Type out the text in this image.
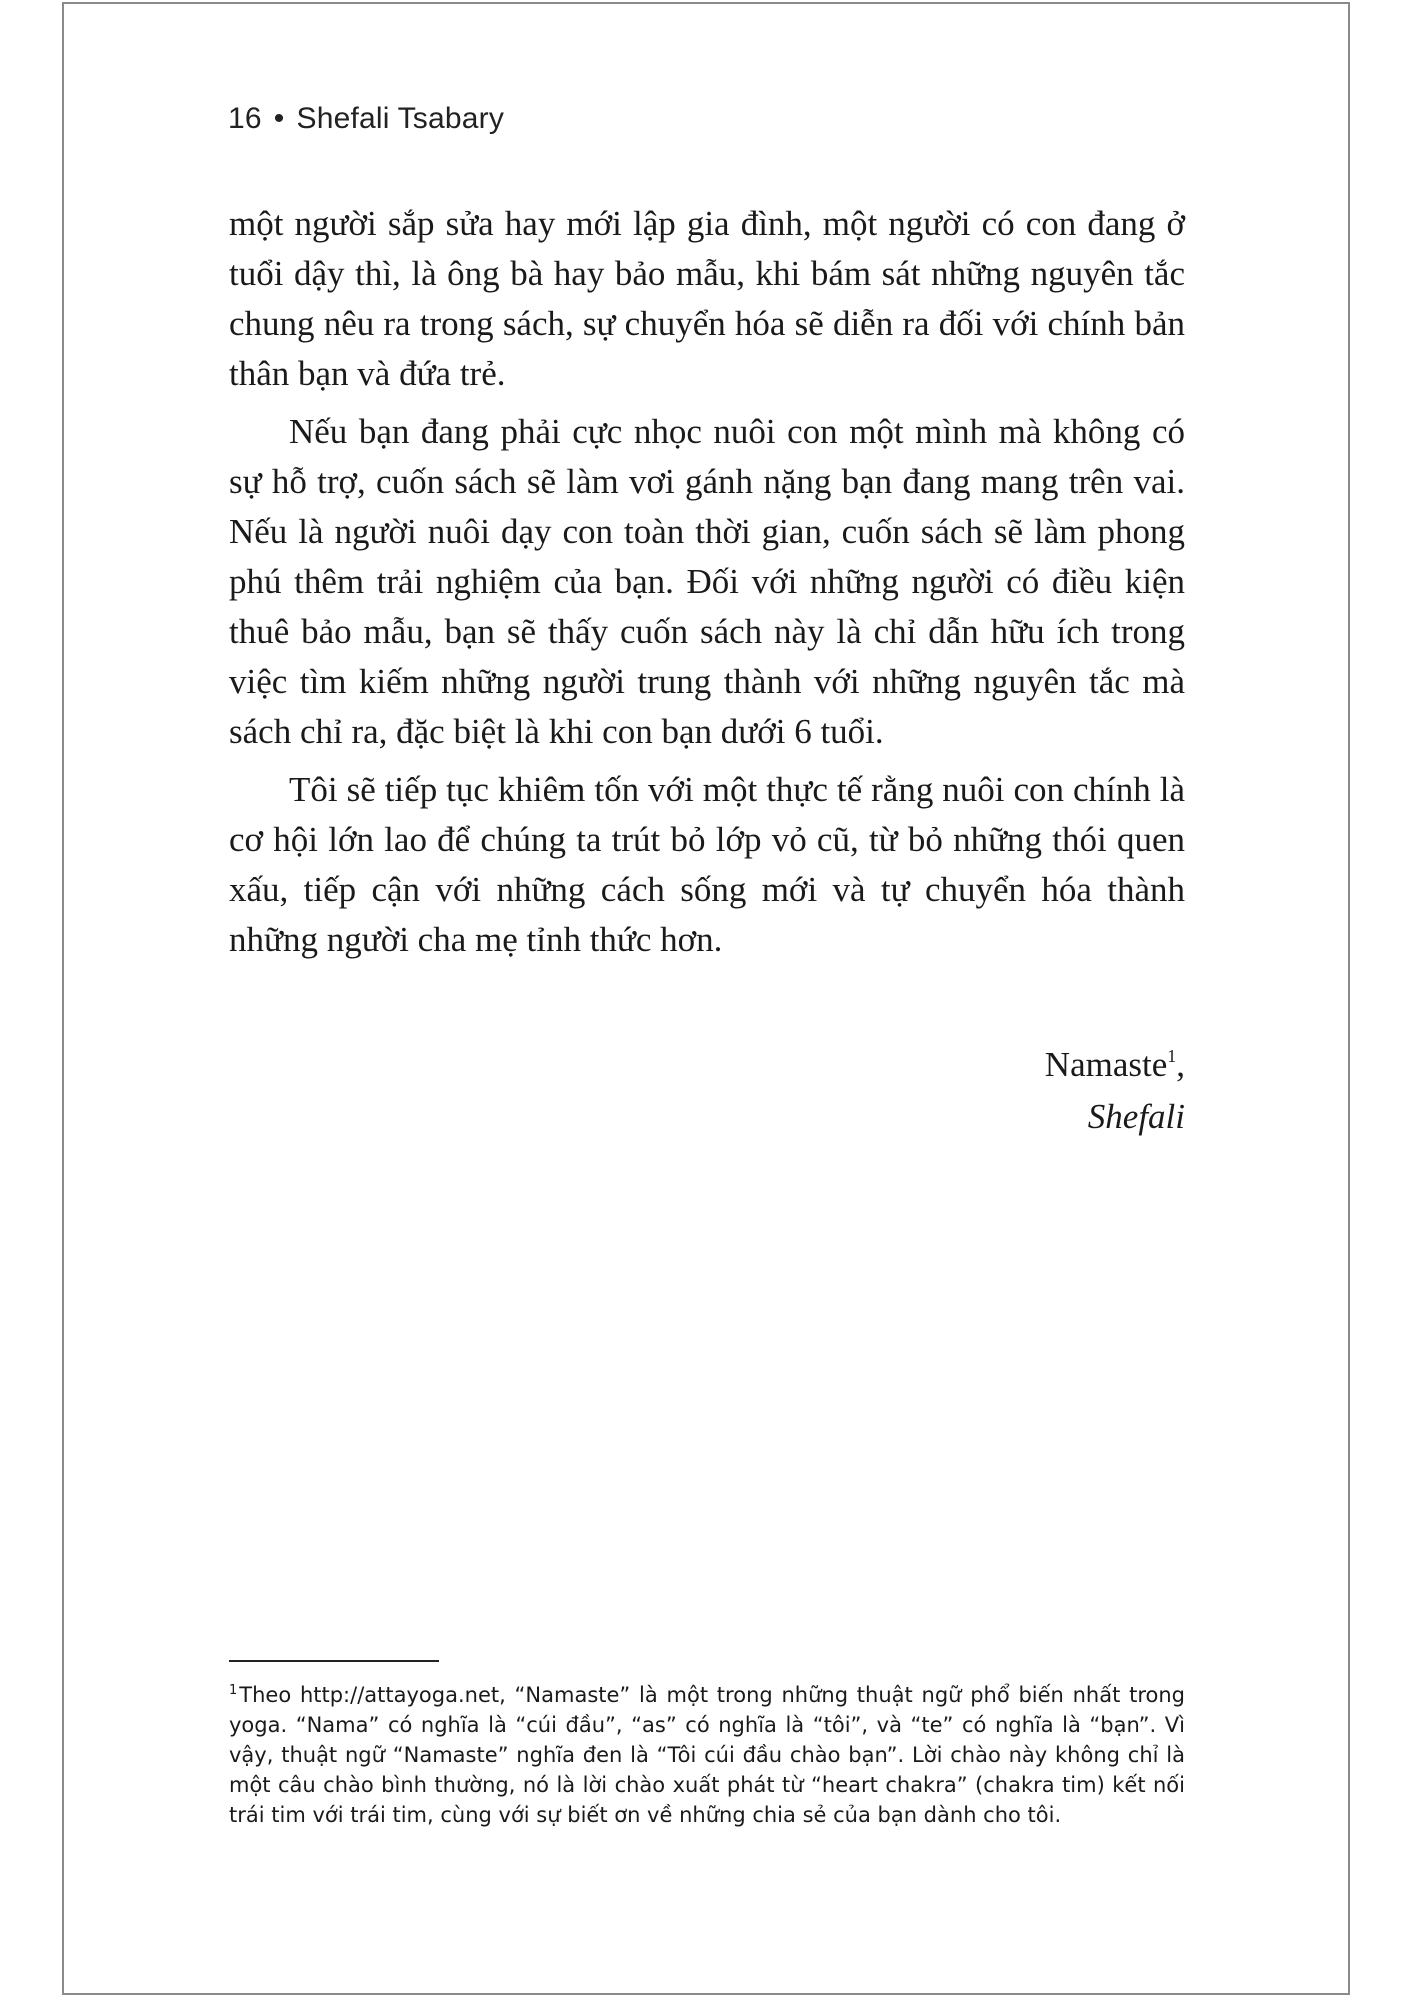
16 • Shefali Tsabary

một người sắp sửa hay mới lập gia đình, một người có con đang ở tuổi dậy thì, là ông bà hay bảo mẫu, khi bám sát những nguyên tắc chung nêu ra trong sách, sự chuyển hóa sẽ diễn ra đối với chính bản thân bạn và đứa trẻ.

Nếu bạn đang phải cực nhọc nuôi con một mình mà không có sự hỗ trợ, cuốn sách sẽ làm vơi gánh nặng bạn đang mang trên vai. Nếu là người nuôi dạy con toàn thời gian, cuốn sách sẽ làm phong phú thêm trải nghiệm của bạn. Đối với những người có điều kiện thuê bảo mẫu, bạn sẽ thấy cuốn sách này là chỉ dẫn hữu ích trong việc tìm kiếm những người trung thành với những nguyên tắc mà sách chỉ ra, đặc biệt là khi con bạn dưới 6 tuổi.

Tôi sẽ tiếp tục khiêm tốn với một thực tế rằng nuôi con chính là cơ hội lớn lao để chúng ta trút bỏ lớp vỏ cũ, từ bỏ những thói quen xấu, tiếp cận với những cách sống mới và tự chuyển hóa thành những người cha mẹ tỉnh thức hơn.

Namaste$^1$,
Shefali
$^1$Theo http://attayoga.net, “Namaste” là một trong những thuật ngữ phổ biến nhất trong yoga. “Nama” có nghĩa là “cúi đầu”, “as” có nghĩa là “tôi”, và “te” có nghĩa là “bạn”. Vì vậy, thuật ngữ “Namaste” nghĩa đen là “Tôi cúi đầu chào bạn”. Lời chào này không chỉ là một câu chào bình thường, nó là lời chào xuất phát từ “heart chakra” (chakra tim) kết nối trái tim với trái tim, cùng với sự biết ơn về những chia sẻ của bạn dành cho tôi.
